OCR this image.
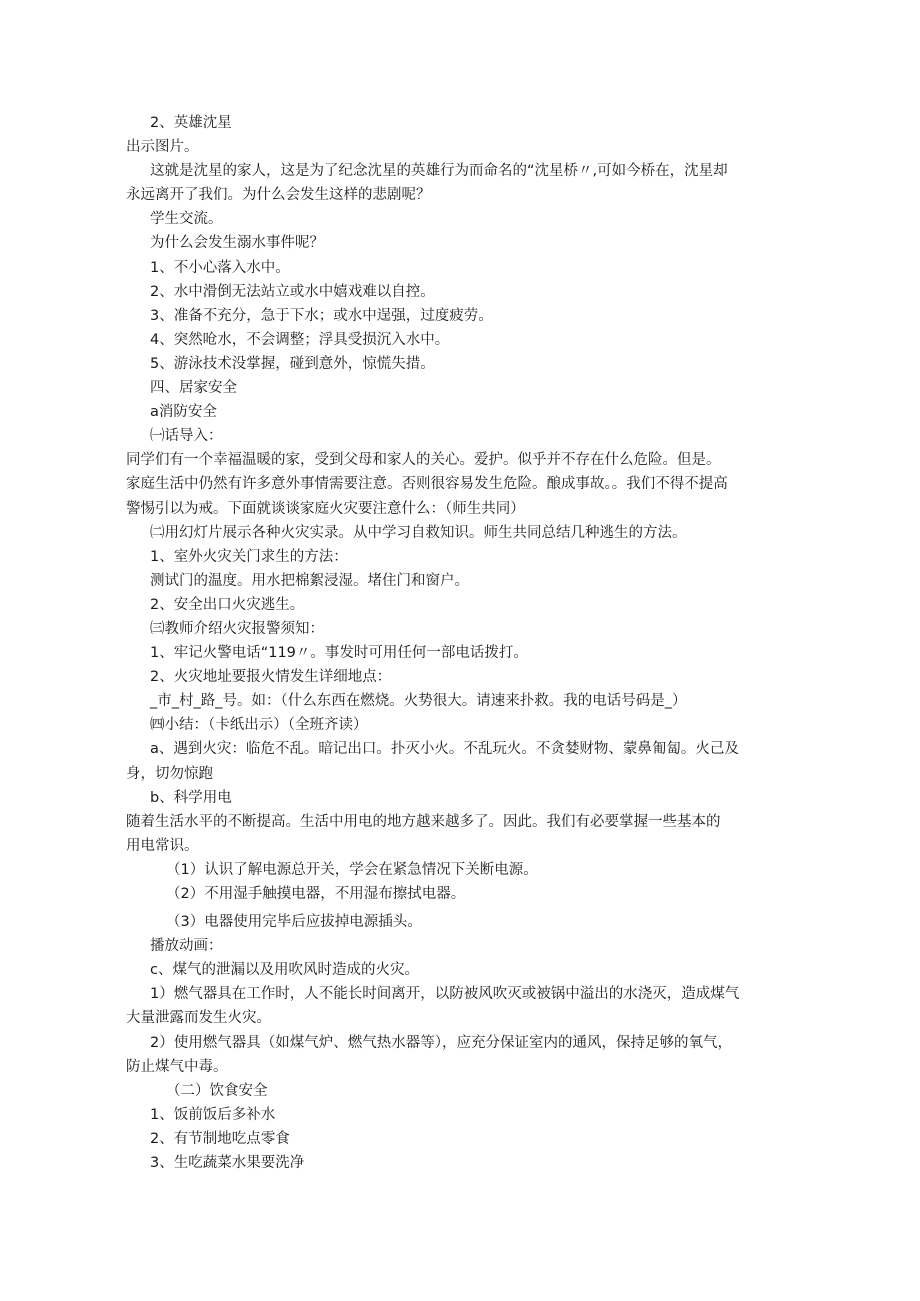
2、英雄沈星

出示图片。

这就是沈星的家人，这是为了纪念沈星的英雄行为而命名的“沈星桥〃,可如今桥在，沈星却

永远离开了我们。为什么会发生这样的悲剧呢？

学生交流。

为什么会发生溺水事件呢？

1、不小心落入水中。

2、水中滑倒无法站立或水中嬉戏难以自控。

3、准备不充分，急于下水；或水中逞强，过度疲劳。

4、突然呛水，不会调整；浮具受损沉入水中。

5、游泳技术没掌握，碰到意外，惊慌失措。

四、居家安全

a消防安全

㈠话导入：

同学们有一个幸福温暖的家，受到父母和家人的关心。爱护。似乎并不存在什么危险。但是。

家庭生活中仍然有许多意外事情需要注意。否则很容易发生危险。酿成事故。。我们不得不提高

警惕引以为戒。下面就谈谈家庭火灾要注意什么：（师生共同）

㈡用幻灯片展示各种火灾实录。从中学习自救知识。师生共同总结几种逃生的方法。

1、室外火灾关门求生的方法：

测试门的温度。用水把棉絮浸湿。堵住门和窗户。

2、安全出口火灾逃生。

㈢教师介绍火灾报警须知：

1、牢记火警电话“119〃。事发时可用任何一部电话拨打。

2、火灾地址要报火情发生详细地点：

_市_村_路_号。如：（什么东西在燃烧。火势很大。请速来扑救。我的电话号码是_）

㈣小结：（卡纸出示）（全班齐读）

a、遇到火灾：临危不乱。暗记出口。扑灭小火。不乱玩火。不贪婪财物、蒙鼻匍匐。火己及

身，切勿惊跑

b、科学用电

随着生活水平的不断提高。生活中用电的地方越来越多了。因此。我们有必要掌握一些基本的

用电常识。

（1）认识了解电源总开关，学会在紧急情况下关断电源。

（2）不用湿手触摸电器，不用湿布擦拭电器。

（3）电器使用完毕后应拔掉电源插头。

播放动画：

c、煤气的泄漏以及用吹风时造成的火灾。

1）燃气器具在工作时，人不能长时间离开，以防被风吹灭或被锅中溢出的水浇灭，造成煤气

大量泄露而发生火灾。

2）使用燃气器具（如煤气炉、燃气热水器等），应充分保证室内的通风，保持足够的氧气，

防止煤气中毒。

（二）饮食安全

1、饭前饭后多补水

2、有节制地吃点零食

3、生吃蔬菜水果要洗净
